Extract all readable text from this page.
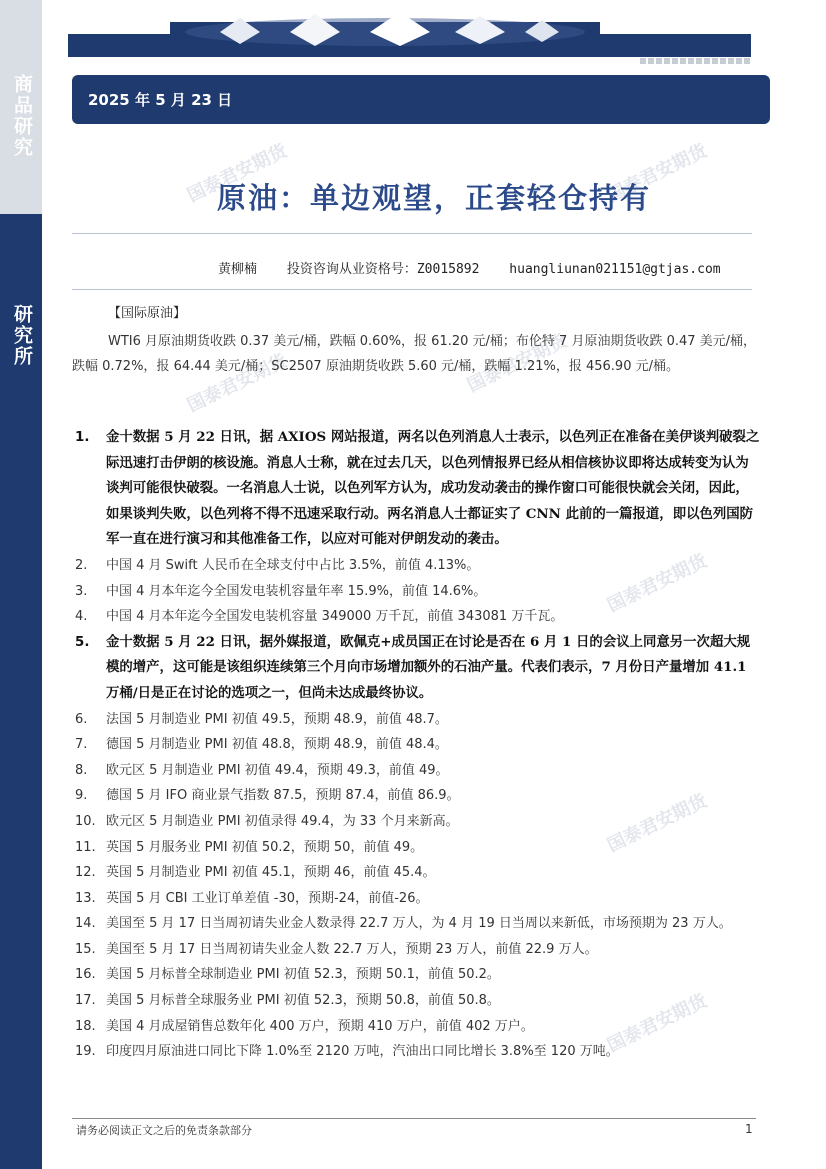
商品研究
研究所
2025 年 5 月 23 日
国泰君安期货	国泰君安期货
国泰君安期货	国泰君安期货
国泰君安期货
国泰君安期货
国泰君安期货
原油：单边观望，正套轻仓持有
黄柳楠 投资咨询从业资格号：Z0015892 huangliunan021151@gtjas.com
【国际原油】
WTI6 月原油期货收跌 0.37 美元/桶，跌幅 0.60%，报 61.20 元/桶；布伦特 7 月原油期货收跌 0.47 美元/桶，跌幅 0.72%，报 64.44 美元/桶；SC2507 原油期货收跌 5.60 元/桶，跌幅 1.21%，报 456.90 元/桶。
1. 金十数据 5 月 22 日讯，据 AXIOS 网站报道，两名以色列消息人士表示，以色列正在准备在美伊谈判破裂之际迅速打击伊朗的核设施。消息人士称，就在过去几天，以色列情报界已经从相信核协议即将达成转变为认为谈判可能很快破裂。一名消息人士说，以色列军方认为，成功发动袭击的操作窗口可能很快就会关闭，因此，如果谈判失败，以色列将不得不迅速采取行动。两名消息人士都证实了 CNN 此前的一篇报道，即以色列国防军一直在进行演习和其他准备工作，以应对可能对伊朗发动的袭击。
2. 中国 4 月 Swift 人民币在全球支付中占比 3.5%，前值 4.13%。
3. 中国 4 月本年迄今全国发电装机容量年率 15.9%，前值 14.6%。
4. 中国 4 月本年迄今全国发电装机容量 349000 万千瓦，前值 343081 万千瓦。
5. 金十数据 5 月 22 日讯，据外媒报道，欧佩克+成员国正在讨论是否在 6 月 1 日的会议上同意另一次超大规模的增产，这可能是该组织连续第三个月向市场增加额外的石油产量。代表们表示，7 月份日产量增加 41.1 万桶/日是正在讨论的选项之一，但尚未达成最终协议。
6. 法国 5 月制造业 PMI 初值 49.5，预期 48.9，前值 48.7。
7. 德国 5 月制造业 PMI 初值 48.8，预期 48.9，前值 48.4。
8. 欧元区 5 月制造业 PMI 初值 49.4，预期 49.3，前值 49。
9. 德国 5 月 IFO 商业景气指数 87.5，预期 87.4，前值 86.9。
10. 欧元区 5 月制造业 PMI 初值录得 49.4，为 33 个月来新高。
11. 英国 5 月服务业 PMI 初值 50.2，预期 50，前值 49。
12. 英国 5 月制造业 PMI 初值 45.1，预期 46，前值 45.4。
13. 英国 5 月 CBI 工业订单差值 -30，预期-24，前值-26。
14. 美国至 5 月 17 日当周初请失业金人数录得 22.7 万人，为 4 月 19 日当周以来新低，市场预期为 23 万人。
15. 美国至 5 月 17 日当周初请失业金人数 22.7 万人，预期 23 万人，前值 22.9 万人。
16. 美国 5 月标普全球制造业 PMI 初值 52.3，预期 50.1，前值 50.2。
17. 美国 5 月标普全球服务业 PMI 初值 52.3，预期 50.8，前值 50.8。
18. 美国 4 月成屋销售总数年化 400 万户，预期 410 万户，前值 402 万户。
19. 印度四月原油进口同比下降 1.0%至 2120 万吨，汽油出口同比增长 3.8%至 120 万吨。
请务必阅读正文之后的免责条款部分	1
